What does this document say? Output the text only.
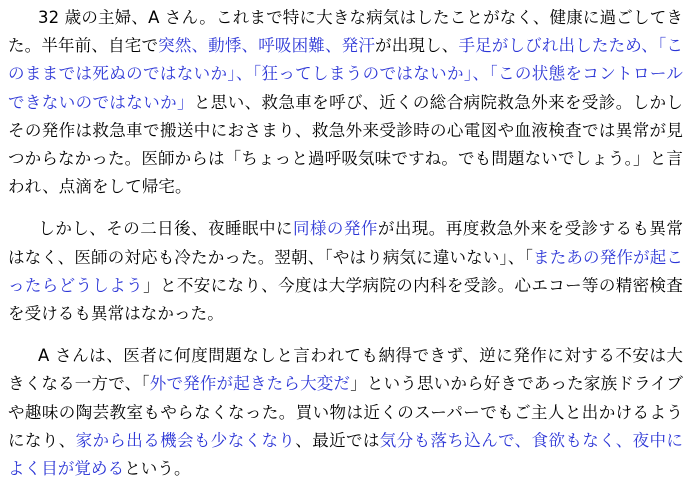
32 歳の主婦、A さん。これまで特に大きな病気はしたことがなく、健康に過ごしてきた。半年前、自宅で突然、動悸、呼吸困難、発汗が出現し、手足がしびれ出したため、「このままでは死ぬのではないか」、「狂ってしまうのではないか」、「この状態をコントロールできないのではないか」と思い、救急車を呼び、近くの総合病院救急外来を受診。しかしその発作は救急車で搬送中におさまり、救急外来受診時の心電図や血液検査では異常が見つからなかった。医師からは「ちょっと過呼吸気味ですね。でも問題ないでしょう。」と言われ、点滴をして帰宅。

しかし、その二日後、夜睡眠中に同様の発作が出現。再度救急外来を受診するも異常はなく、医師の対応も冷たかった。翌朝、「やはり病気に違いない」、「またあの発作が起こったらどうしよう」と不安になり、今度は大学病院の内科を受診。心エコー等の精密検査を受けるも異常はなかった。

A さんは、医者に何度問題なしと言われても納得できず、逆に発作に対する不安は大きくなる一方で、「外で発作が起きたら大変だ」という思いから好きであった家族ドライブや趣味の陶芸教室もやらなくなった。買い物は近くのスーパーでもご主人と出かけるようになり、家から出る機会も少なくなり、最近では気分も落ち込んで、食欲もなく、夜中によく目が覚めるという。
